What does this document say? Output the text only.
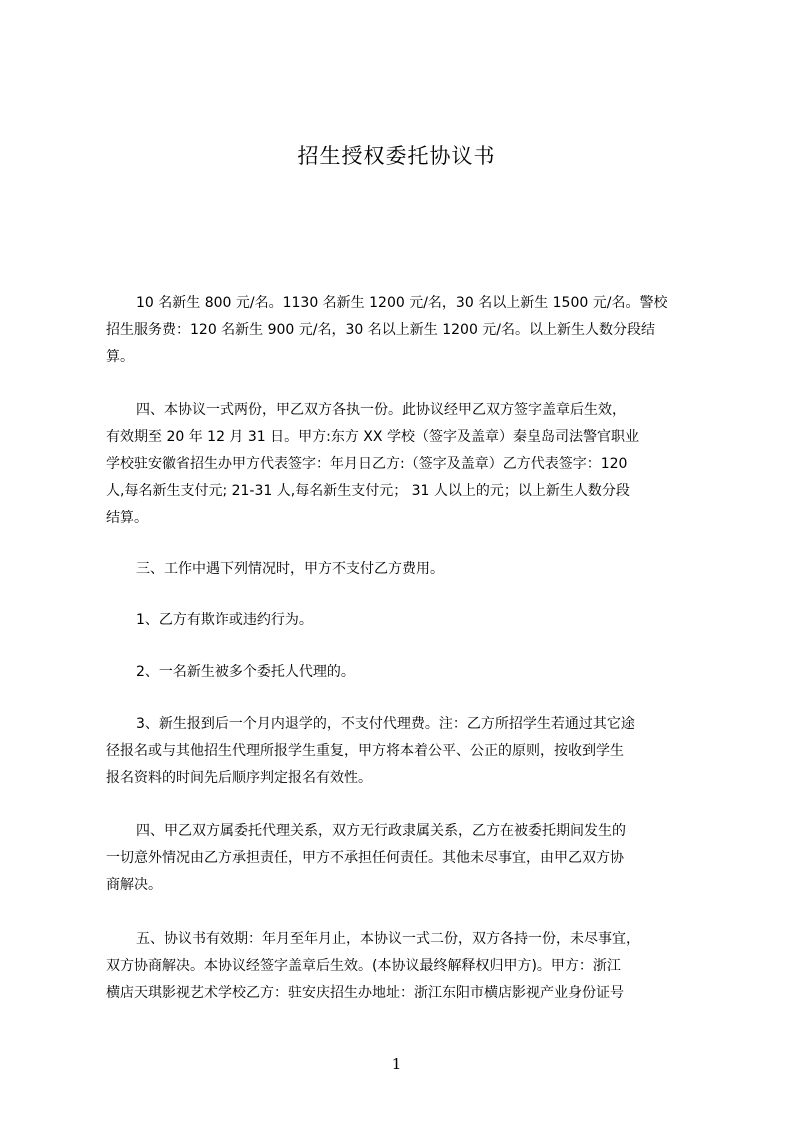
招生授权委托协议书
10 名新生 800 元/名。1130 名新生 1200 元/名，30 名以上新生 1500 元/名。警校
招生服务费：120 名新生 900 元/名，30 名以上新生 1200 元/名。以上新生人数分段结
算。
四、本协议一式两份，甲乙双方各执一份。此协议经甲乙双方签字盖章后生效，
有效期至 20 年 12 月 31 日。甲方:东方 XX 学校（签字及盖章）秦皇岛司法警官职业
学校驻安徽省招生办甲方代表签字：年月日乙方:（签字及盖章）乙方代表签字：120
人,每名新生支付元; 21-31 人,每名新生支付元； 31 人以上的元；以上新生人数分段
结算。
三、工作中遇下列情况时，甲方不支付乙方费用。
1、乙方有欺诈或违约行为。
2、一名新生被多个委托人代理的。
3、新生报到后一个月内退学的，不支付代理费。注：乙方所招学生若通过其它途
径报名或与其他招生代理所报学生重复，甲方将本着公平、公正的原则，按收到学生
报名资料的时间先后顺序判定报名有效性。
四、甲乙双方属委托代理关系，双方无行政隶属关系，乙方在被委托期间发生的
一切意外情况由乙方承担责任，甲方不承担任何责任。其他未尽事宜，由甲乙双方协
商解决。
五、协议书有效期：年月至年月止，本协议一式二份，双方各持一份，未尽事宜，
双方协商解决。本协议经签字盖章后生效。(本协议最终解释权归甲方)。甲方：浙江
横店天琪影视艺术学校乙方：驻安庆招生办地址：浙江东阳市横店影视产业身份证号
1
